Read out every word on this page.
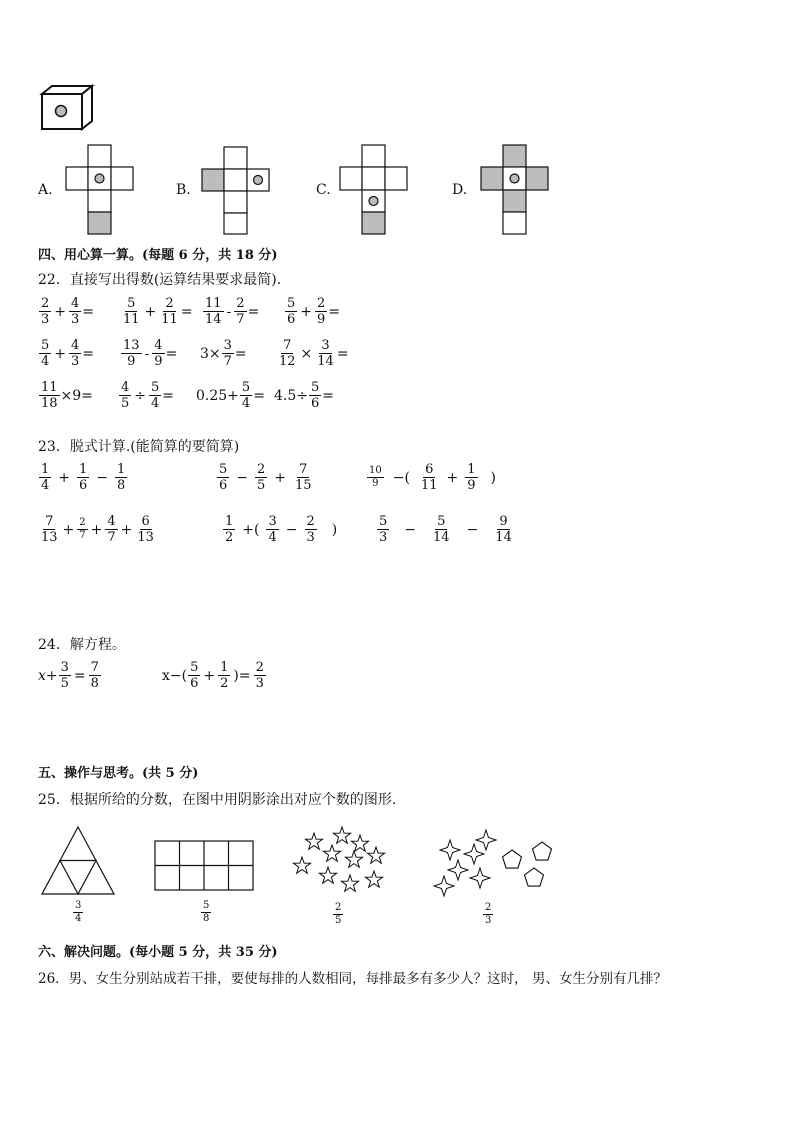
A.	B.	C.	D.
四、用心算一算。(每题 6 分，共 18 分)
22．直接写出得数(运算结果要求最简).
$\frac{2}{3} + \frac{4}{3} = \frac{5}{11} + \frac{2}{11} = \frac{11}{14} - \frac{2}{7} = \frac{5}{6} + \frac{2}{9}$ =
$\frac{5}{4} + \frac{4}{3} = \frac{13}{9} - \frac{4}{9} = 3\times \frac{3}{7} = \frac{7}{12} \times \frac{3}{14}$ =
$\frac{11}{18} \times 9= \frac{4}{5} \div \frac{5}{4} = 0.25+ \frac{5}{4} = 4.5\div \frac{5}{6}$ =
23．脱式计算.(能简算的要简算)
$\frac{1}{4} + \frac{1}{6} - \frac{1}{8}$	$\frac{5}{6} - \frac{2}{5} + \frac{7}{15}$	$\frac{10}{9}$ −( $\frac{6}{11} + \frac{1}{9}$ )
$\frac{7}{13} + \frac{2}{7} + \frac{4}{7} + \frac{6}{13}$	$\frac{1}{2}$ +( $\frac{3}{4} - \frac{2}{3}$ )	$\frac{5}{3} - \frac{5}{14} - \frac{9}{14}$
24．解方程。
$x+ \frac{3}{5} = \frac{7}{8}$	$x-( \frac{5}{6} + \frac{1}{2}$ )= $\frac{2}{3}$
五、操作与思考。(共 5 分)
25．根据所给的分数，在图中用阴影涂出对应个数的图形.
$\frac{3}{4}$	$\frac{5}{8}$	$\frac{2}{5}$	$\frac{2}{3}$
六、解决问题。(每小题 5 分，共 35 分)
26．男、女生分别站成若干排，要使每排的人数相同，每排最多有多少人？这时， 男、女生分别有几排？
